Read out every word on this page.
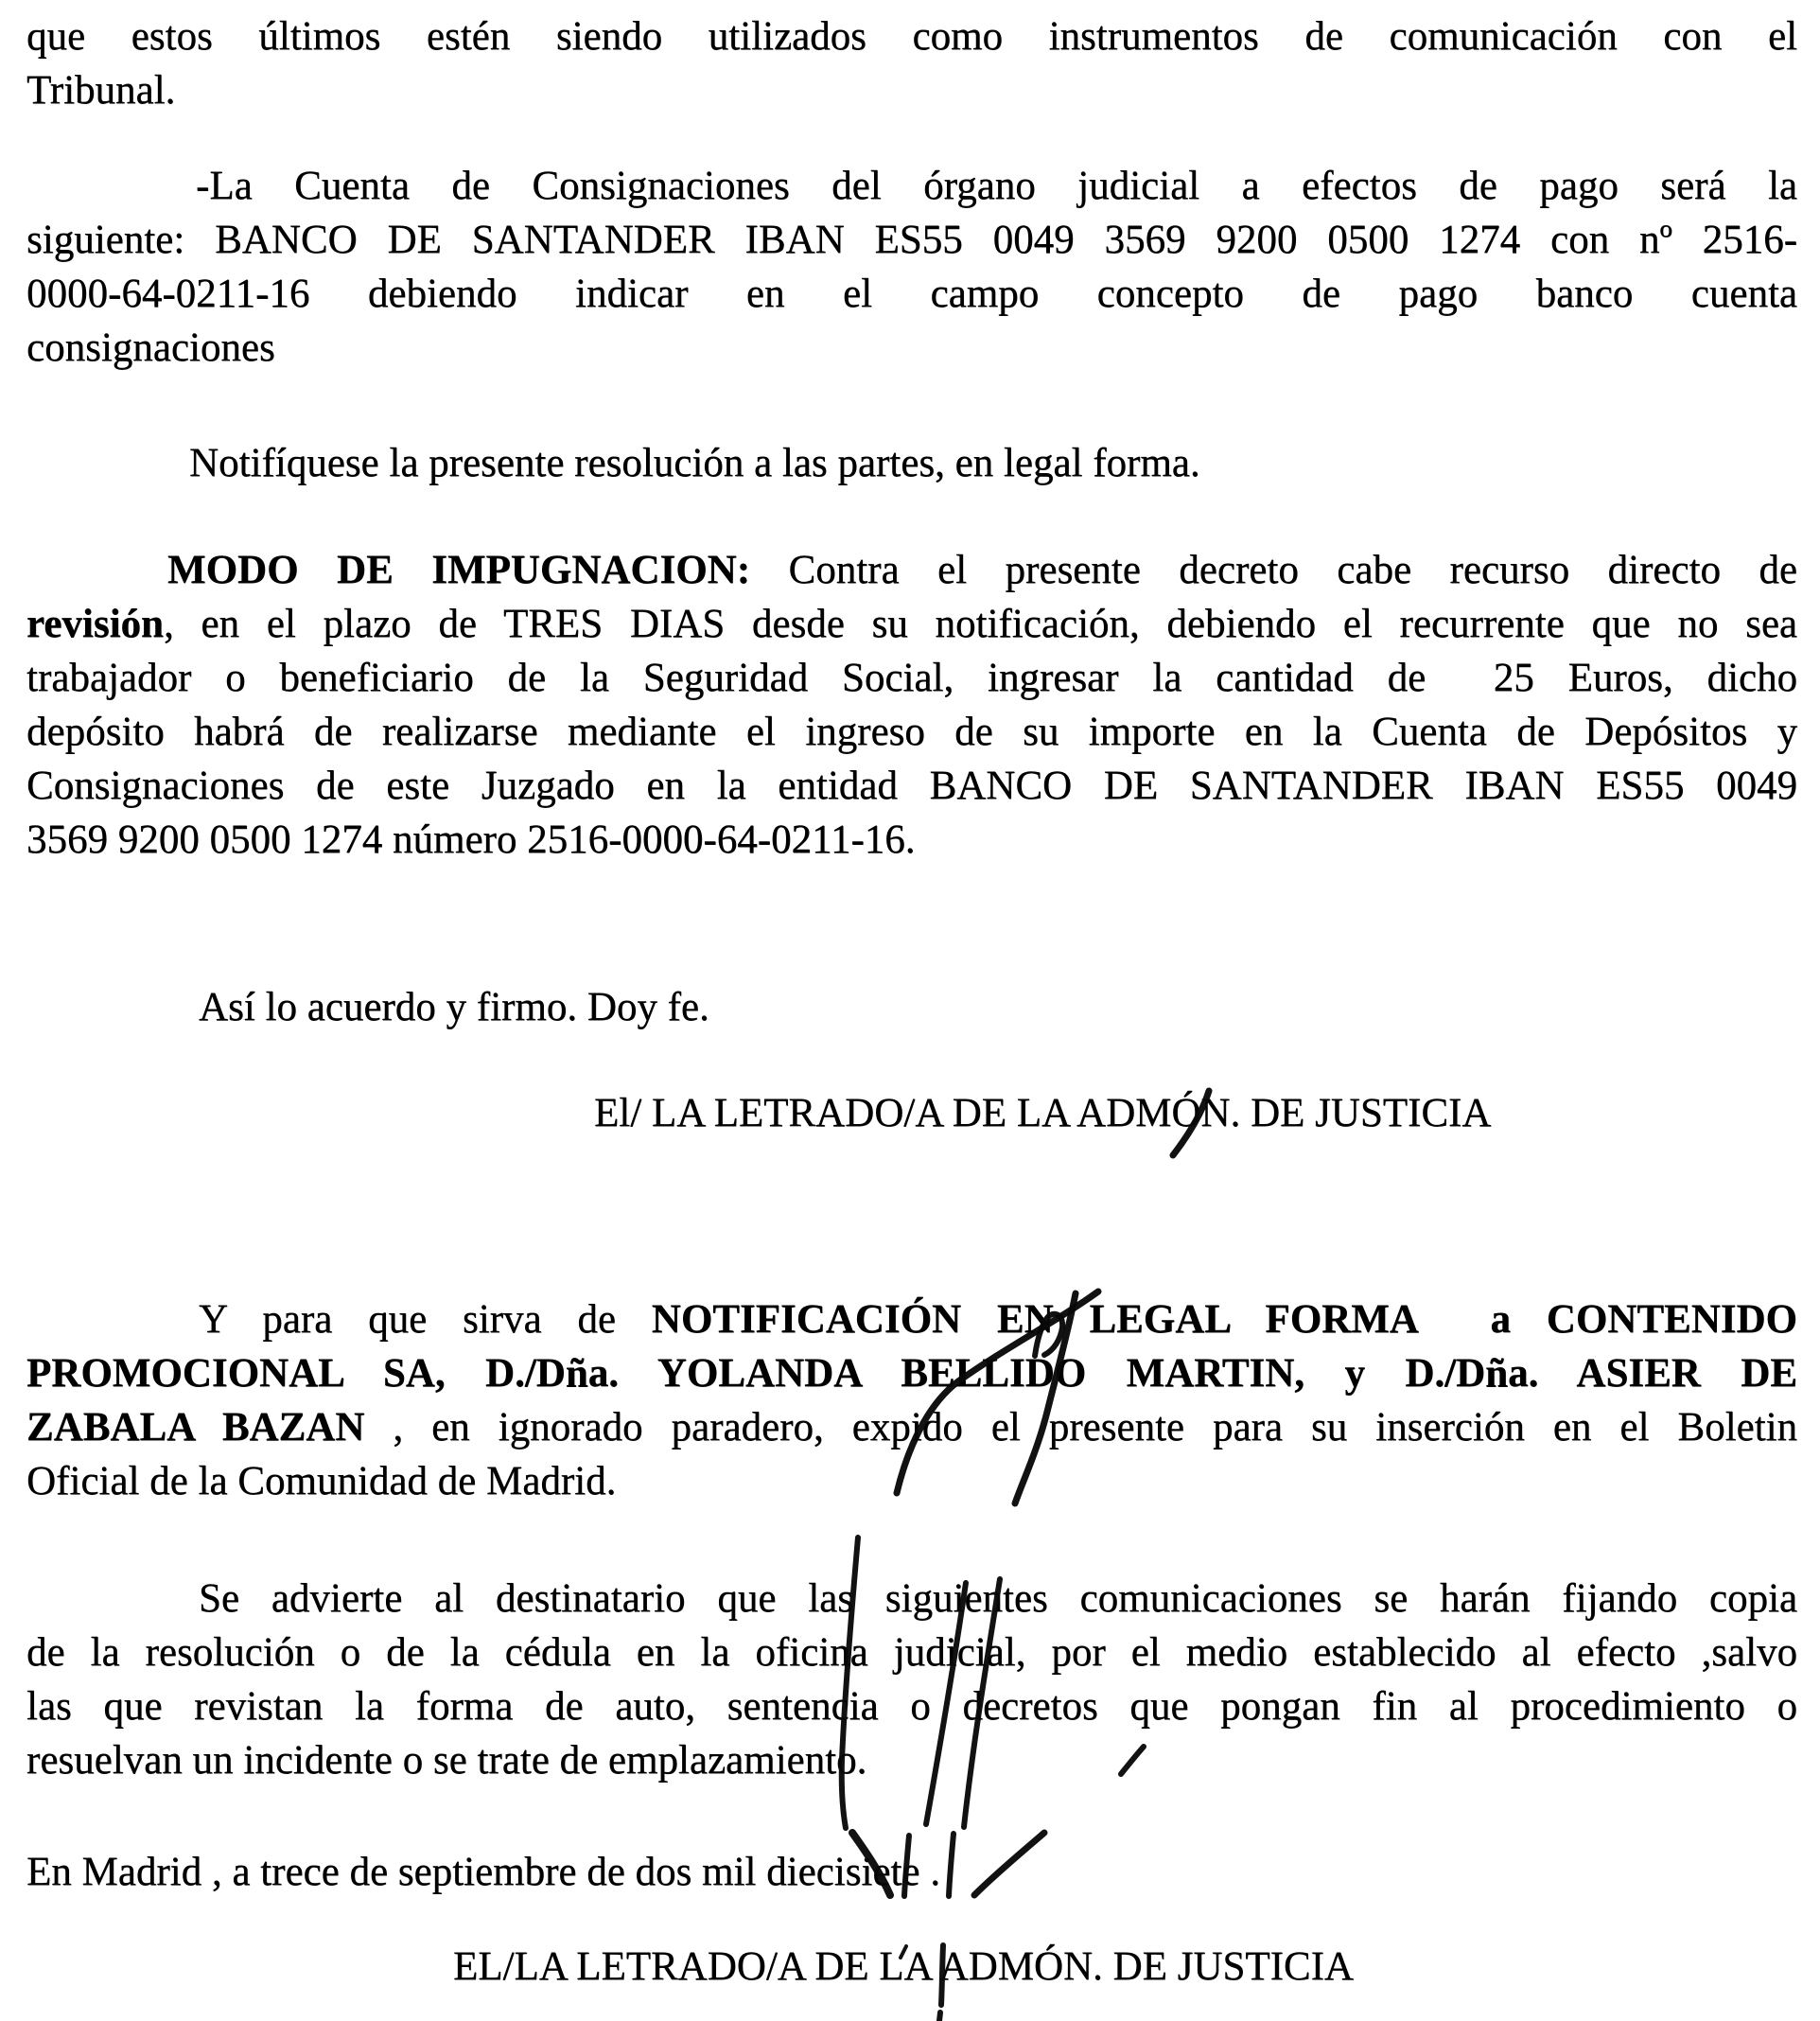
que estos últimos estén siendo utilizados como instrumentos de comunicación con el
Tribunal.
-La Cuenta de Consignaciones del órgano judicial a efectos de pago será la
siguiente: BANCO DE SANTANDER IBAN ES55 0049 3569 9200 0500 1274 con nº 2516-
0000-64-0211-16 debiendo indicar en el campo concepto de pago banco cuenta
consignaciones
Notifíquese la presente resolución a las partes, en legal forma.
MODO DE IMPUGNACION: Contra el presente decreto cabe recurso directo de
revisión, en el plazo de TRES DIAS desde su notificación, debiendo el recurrente que no sea
trabajador o beneficiario de la Seguridad Social, ingresar la cantidad de  25 Euros, dicho
depósito habrá de realizarse mediante el ingreso de su importe en la Cuenta de Depósitos y
Consignaciones de este Juzgado en la entidad BANCO DE SANTANDER IBAN ES55 0049
3569 9200 0500 1274 número 2516-0000-64-0211-16.
Así lo acuerdo y firmo. Doy fe.
El/ LA LETRADO/A DE LA ADMÓN. DE JUSTICIA
Y para que sirva de NOTIFICACIÓN EN LEGAL FORMA  a CONTENIDO
PROMOCIONAL SA, D./Dña. YOLANDA BELLIDO MARTIN, y D./Dña. ASIER DE
ZABALA BAZAN , en ignorado paradero, expido el presente para su inserción en el Boletin
Oficial de la Comunidad de Madrid.
Se advierte al destinatario que las siguientes comunicaciones se harán fijando copia
de la resolución o de la cédula en la oficina judicial, por el medio establecido al efecto ,salvo
las que revistan la forma de auto, sentencia o decretos que pongan fin al procedimiento o
resuelvan un incidente o se trate de emplazamiento.
En Madrid , a trece de septiembre de dos mil diecisiete .
EL/LA LETRADO/A DE LA ADMÓN. DE JUSTICIA
